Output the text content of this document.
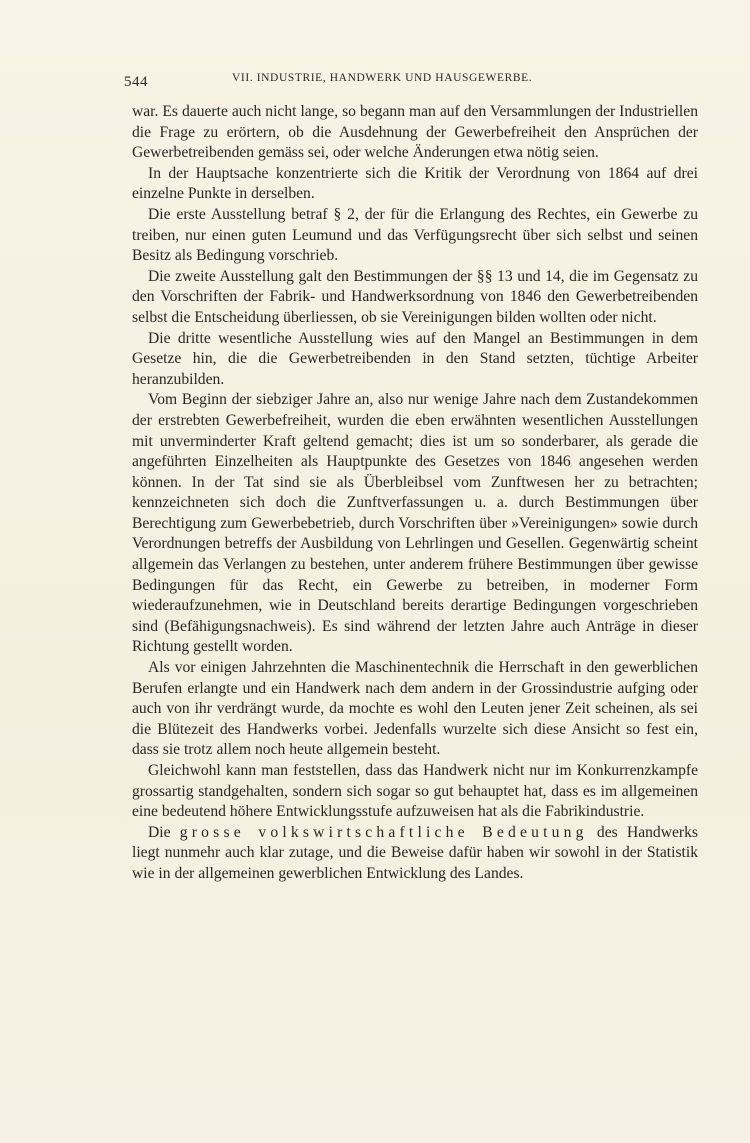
544	VII. INDUSTRIE, HANDWERK UND HAUSGEWERBE.

war. Es dauerte auch nicht lange, so begann man auf den Versammlungen der Industriellen die Frage zu erörtern, ob die Ausdehnung der Gewerbefreiheit den Ansprüchen der Gewerbetreibenden gemäss sei, oder welche Änderungen etwa nötig seien.

In der Hauptsache konzentrierte sich die Kritik der Verordnung von 1864 auf drei einzelne Punkte in derselben.

Die erste Ausstellung betraf § 2, der für die Erlangung des Rechtes, ein Gewerbe zu treiben, nur einen guten Leumund und das Verfügungsrecht über sich selbst und seinen Besitz als Bedingung vorschrieb.

Die zweite Ausstellung galt den Bestimmungen der §§ 13 und 14, die im Gegensatz zu den Vorschriften der Fabrik- und Handwerksordnung von 1846 den Gewerbetreibenden selbst die Entscheidung überliessen, ob sie Vereinigungen bilden wollten oder nicht.

Die dritte wesentliche Ausstellung wies auf den Mangel an Bestimmungen in dem Gesetze hin, die die Gewerbetreibenden in den Stand setzten, tüchtige Arbeiter heranzubilden.

Vom Beginn der siebziger Jahre an, also nur wenige Jahre nach dem Zustandekommen der erstrebten Gewerbefreiheit, wurden die eben erwähnten wesentlichen Ausstellungen mit unverminderter Kraft geltend gemacht; dies ist um so sonderbarer, als gerade die angeführten Einzelheiten als Hauptpunkte des Gesetzes von 1846 angesehen werden können. In der Tat sind sie als Überbleibsel vom Zunftwesen her zu betrachten; kennzeichneten sich doch die Zunftverfassungen u. a. durch Bestimmungen über Berechtigung zum Gewerbebetrieb, durch Vorschriften über »Vereinigungen» sowie durch Verordnungen betreffs der Ausbildung von Lehrlingen und Gesellen. Gegenwärtig scheint allgemein das Verlangen zu bestehen, unter anderem frühere Bestimmungen über gewisse Bedingungen für das Recht, ein Gewerbe zu betreiben, in moderner Form wiederaufzunehmen, wie in Deutschland bereits derartige Bedingungen vorgeschrieben sind (Befähigungsnachweis). Es sind während der letzten Jahre auch Anträge in dieser Richtung gestellt worden.

Als vor einigen Jahrzehnten die Maschinentechnik die Herrschaft in den gewerblichen Berufen erlangte und ein Handwerk nach dem andern in der Grossindustrie aufging oder auch von ihr verdrängt wurde, da mochte es wohl den Leuten jener Zeit scheinen, als sei die Blütezeit des Handwerks vorbei. Jedenfalls wurzelte sich diese Ansicht so fest ein, dass sie trotz allem noch heute allgemein besteht.

Gleichwohl kann man feststellen, dass das Handwerk nicht nur im Konkurrenzkampfe grossartig standgehalten, sondern sich sogar so gut behauptet hat, dass es im allgemeinen eine bedeutend höhere Entwicklungsstufe aufzuweisen hat als die Fabrikindustrie.

Die grosse volkswirtschaftliche Bedeutung des Handwerks liegt nunmehr auch klar zutage, und die Beweise dafür haben wir sowohl in der Statistik wie in der allgemeinen gewerblichen Entwicklung des Landes.
